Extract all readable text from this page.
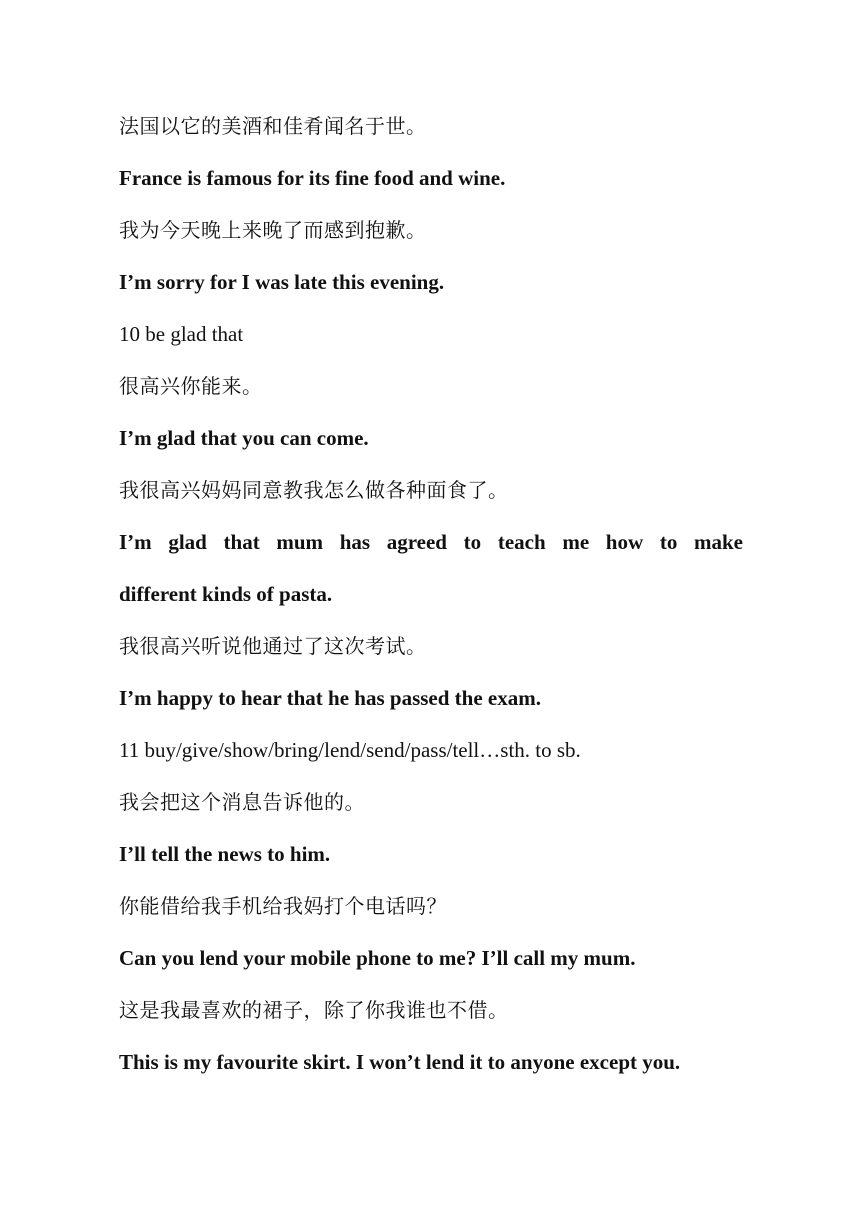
法国以它的美酒和佳肴闻名于世。
France is famous for its fine food and wine.
我为今天晚上来晚了而感到抱歉。
I’m sorry for I was late this evening.
10 be glad that
很高兴你能来。
I’m glad that you can come.
我很高兴妈妈同意教我怎么做各种面食了。
I’m glad that mum has agreed to teach me how to make
different kinds of pasta.
我很高兴听说他通过了这次考试。
I’m happy to hear that he has passed the exam.
11 buy/give/show/bring/lend/send/pass/tell…sth. to sb.
我会把这个消息告诉他的。
I’ll tell the news to him.
你能借给我手机给我妈打个电话吗？
Can you lend your mobile phone to me? I’ll call my mum.
这是我最喜欢的裙子，除了你我谁也不借。
This is my favourite skirt. I won’t lend it to anyone except you.
